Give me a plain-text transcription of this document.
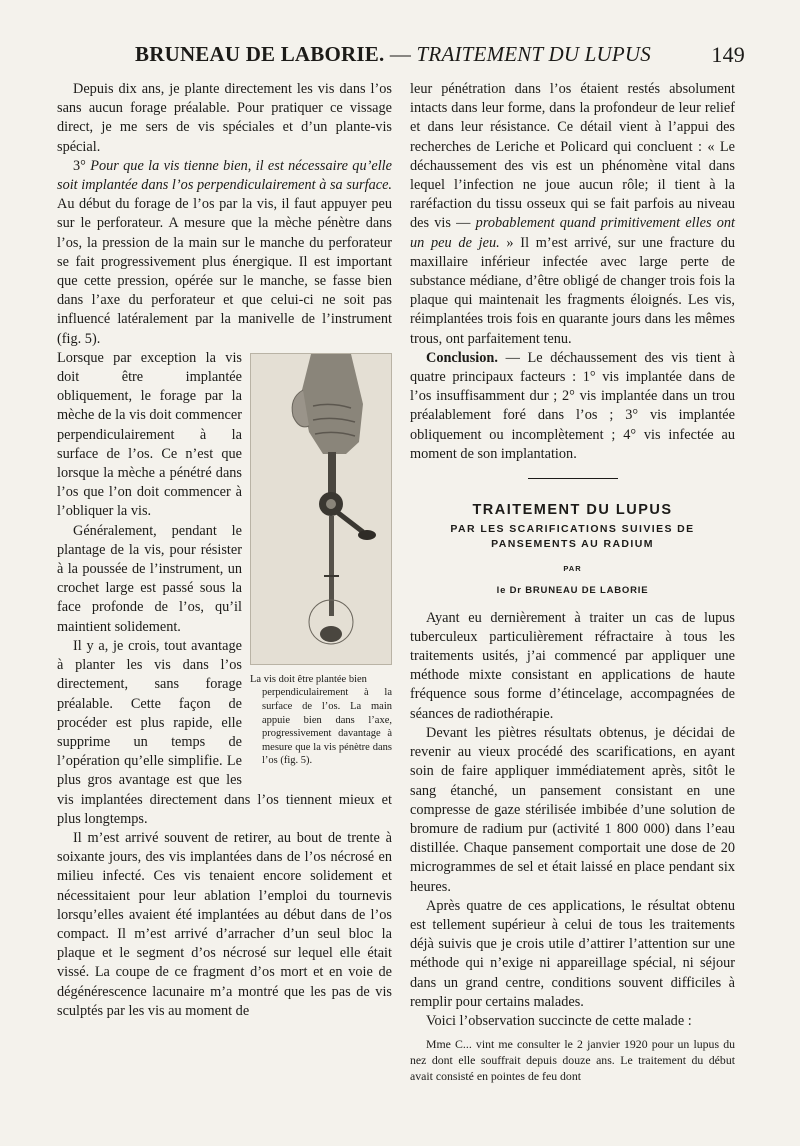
BRUNEAU DE LABORIE. — TRAITEMENT DU LUPUS	149

Depuis dix ans, je plante directement les vis dans l’os sans aucun forage préalable. Pour pratiquer ce vissage direct, je me sers de vis spéciales et d’un plante-vis spécial.

3° Pour que la vis tienne bien, il est nécessaire qu’elle soit implantée dans l’os perpendiculairement à sa surface. Au début du forage de l’os par la vis, il faut appuyer peu sur le perforateur. A mesure que la mèche pénètre dans l’os, la pression de la main sur le manche du perforateur se fait progressivement plus énergique. Il est important que cette pression, opérée sur le manche, se fasse bien dans l’axe du perforateur et que celui-ci ne soit pas influencé latéralement par la manivelle de l’instrument (fig. 5).

La vis doit être plantée bien
perpendiculairement à la surface de l’os. La main appuie bien dans l’axe, progressivement davantage à mesure que la vis pénètre dans l’os (fig. 5).

Lorsque par exception la vis doit être implantée obliquement, le forage par la mèche de la vis doit commencer perpendiculairement à la surface de l’os. Ce n’est que lorsque la mèche a pénétré dans l’os que l’on doit commencer à l’obliquer la vis.

Généralement, pendant le plantage de la vis, pour résister à la poussée de l’instrument, un crochet large est passé sous la face profonde de l’os, qu’il maintient solidement.

Il y a, je crois, tout avantage à planter les vis dans l’os directement, sans forage préalable. Cette façon de procéder est plus rapide, elle supprime un temps de l’opération qu’elle simplifie. Le plus gros avantage est que les vis implantées directement dans l’os tiennent mieux et plus longtemps.

Il m’est arrivé souvent de retirer, au bout de trente à soixante jours, des vis implantées dans de l’os nécrosé en milieu infecté. Ces vis tenaient encore solidement et nécessitaient pour leur ablation l’emploi du tournevis lorsqu’elles avaient été implantées au début dans de l’os compact. Il m’est arrivé d’arracher d’un seul bloc la plaque et le segment d’os nécrosé sur lequel elle était vissé. La coupe de ce fragment d’os mort et en voie de dégénérescence lacunaire m’a montré que les pas de vis sculptés par les vis au moment de

leur pénétration dans l’os étaient restés absolument intacts dans leur forme, dans la profondeur de leur relief et dans leur résistance. Ce détail vient à l’appui des recherches de Leriche et Policard qui concluent : « Le déchaussement des vis est un phénomène vital dans lequel l’infection ne joue aucun rôle; il tient à la raréfaction du tissu osseux qui se fait parfois au niveau des vis — probablement quand primitivement elles ont un peu de jeu. » Il m’est arrivé, sur une fracture du maxillaire inférieur infectée avec large perte de substance médiane, d’être obligé de changer trois fois la plaque qui maintenait les fragments éloignés. Les vis, réimplantées trois fois en quarante jours dans les mêmes trous, ont parfaitement tenu.

Conclusion. — Le déchaussement des vis tient à quatre principaux facteurs : 1° vis implantée dans de l’os insuffisamment dur ; 2° vis implantée dans un trou préalablement foré dans l’os ; 3° vis implantée obliquement ou incomplètement ; 4° vis infectée au moment de son implantation.

TRAITEMENT DU LUPUS
PAR LES SCARIFICATIONS SUIVIES DE
PANSEMENTS AU RADIUM
PAR
le Dr BRUNEAU DE LABORIE

Ayant eu dernièrement à traiter un cas de lupus tuberculeux particulièrement réfractaire à tous les traitements usités, j’ai commencé par appliquer une méthode mixte consistant en applications de haute fréquence sous forme d’étincelage, accompagnées de séances de radiothérapie.

Devant les piètres résultats obtenus, je décidai de revenir au vieux procédé des scarifications, en ayant soin de faire appliquer immédiatement après, sitôt le sang étanché, un pansement consistant en une compresse de gaze stérilisée imbibée d’une solution de bromure de radium pur (activité 1 800 000) dans l’eau distillée. Chaque pansement comportait une dose de 20 microgrammes de sel et était laissé en place pendant six heures.

Après quatre de ces applications, le résultat obtenu est tellement supérieur à celui de tous les traitements déjà suivis que je crois utile d’attirer l’attention sur une méthode qui n’exige ni appareillage spécial, ni séjour dans un grand centre, conditions souvent difficiles à remplir pour certains malades.

Voici l’observation succincte de cette malade :

Mme C... vint me consulter le 2 janvier 1920 pour un lupus du nez dont elle souffrait depuis douze ans. Le traitement du début avait consisté en pointes de feu dont
